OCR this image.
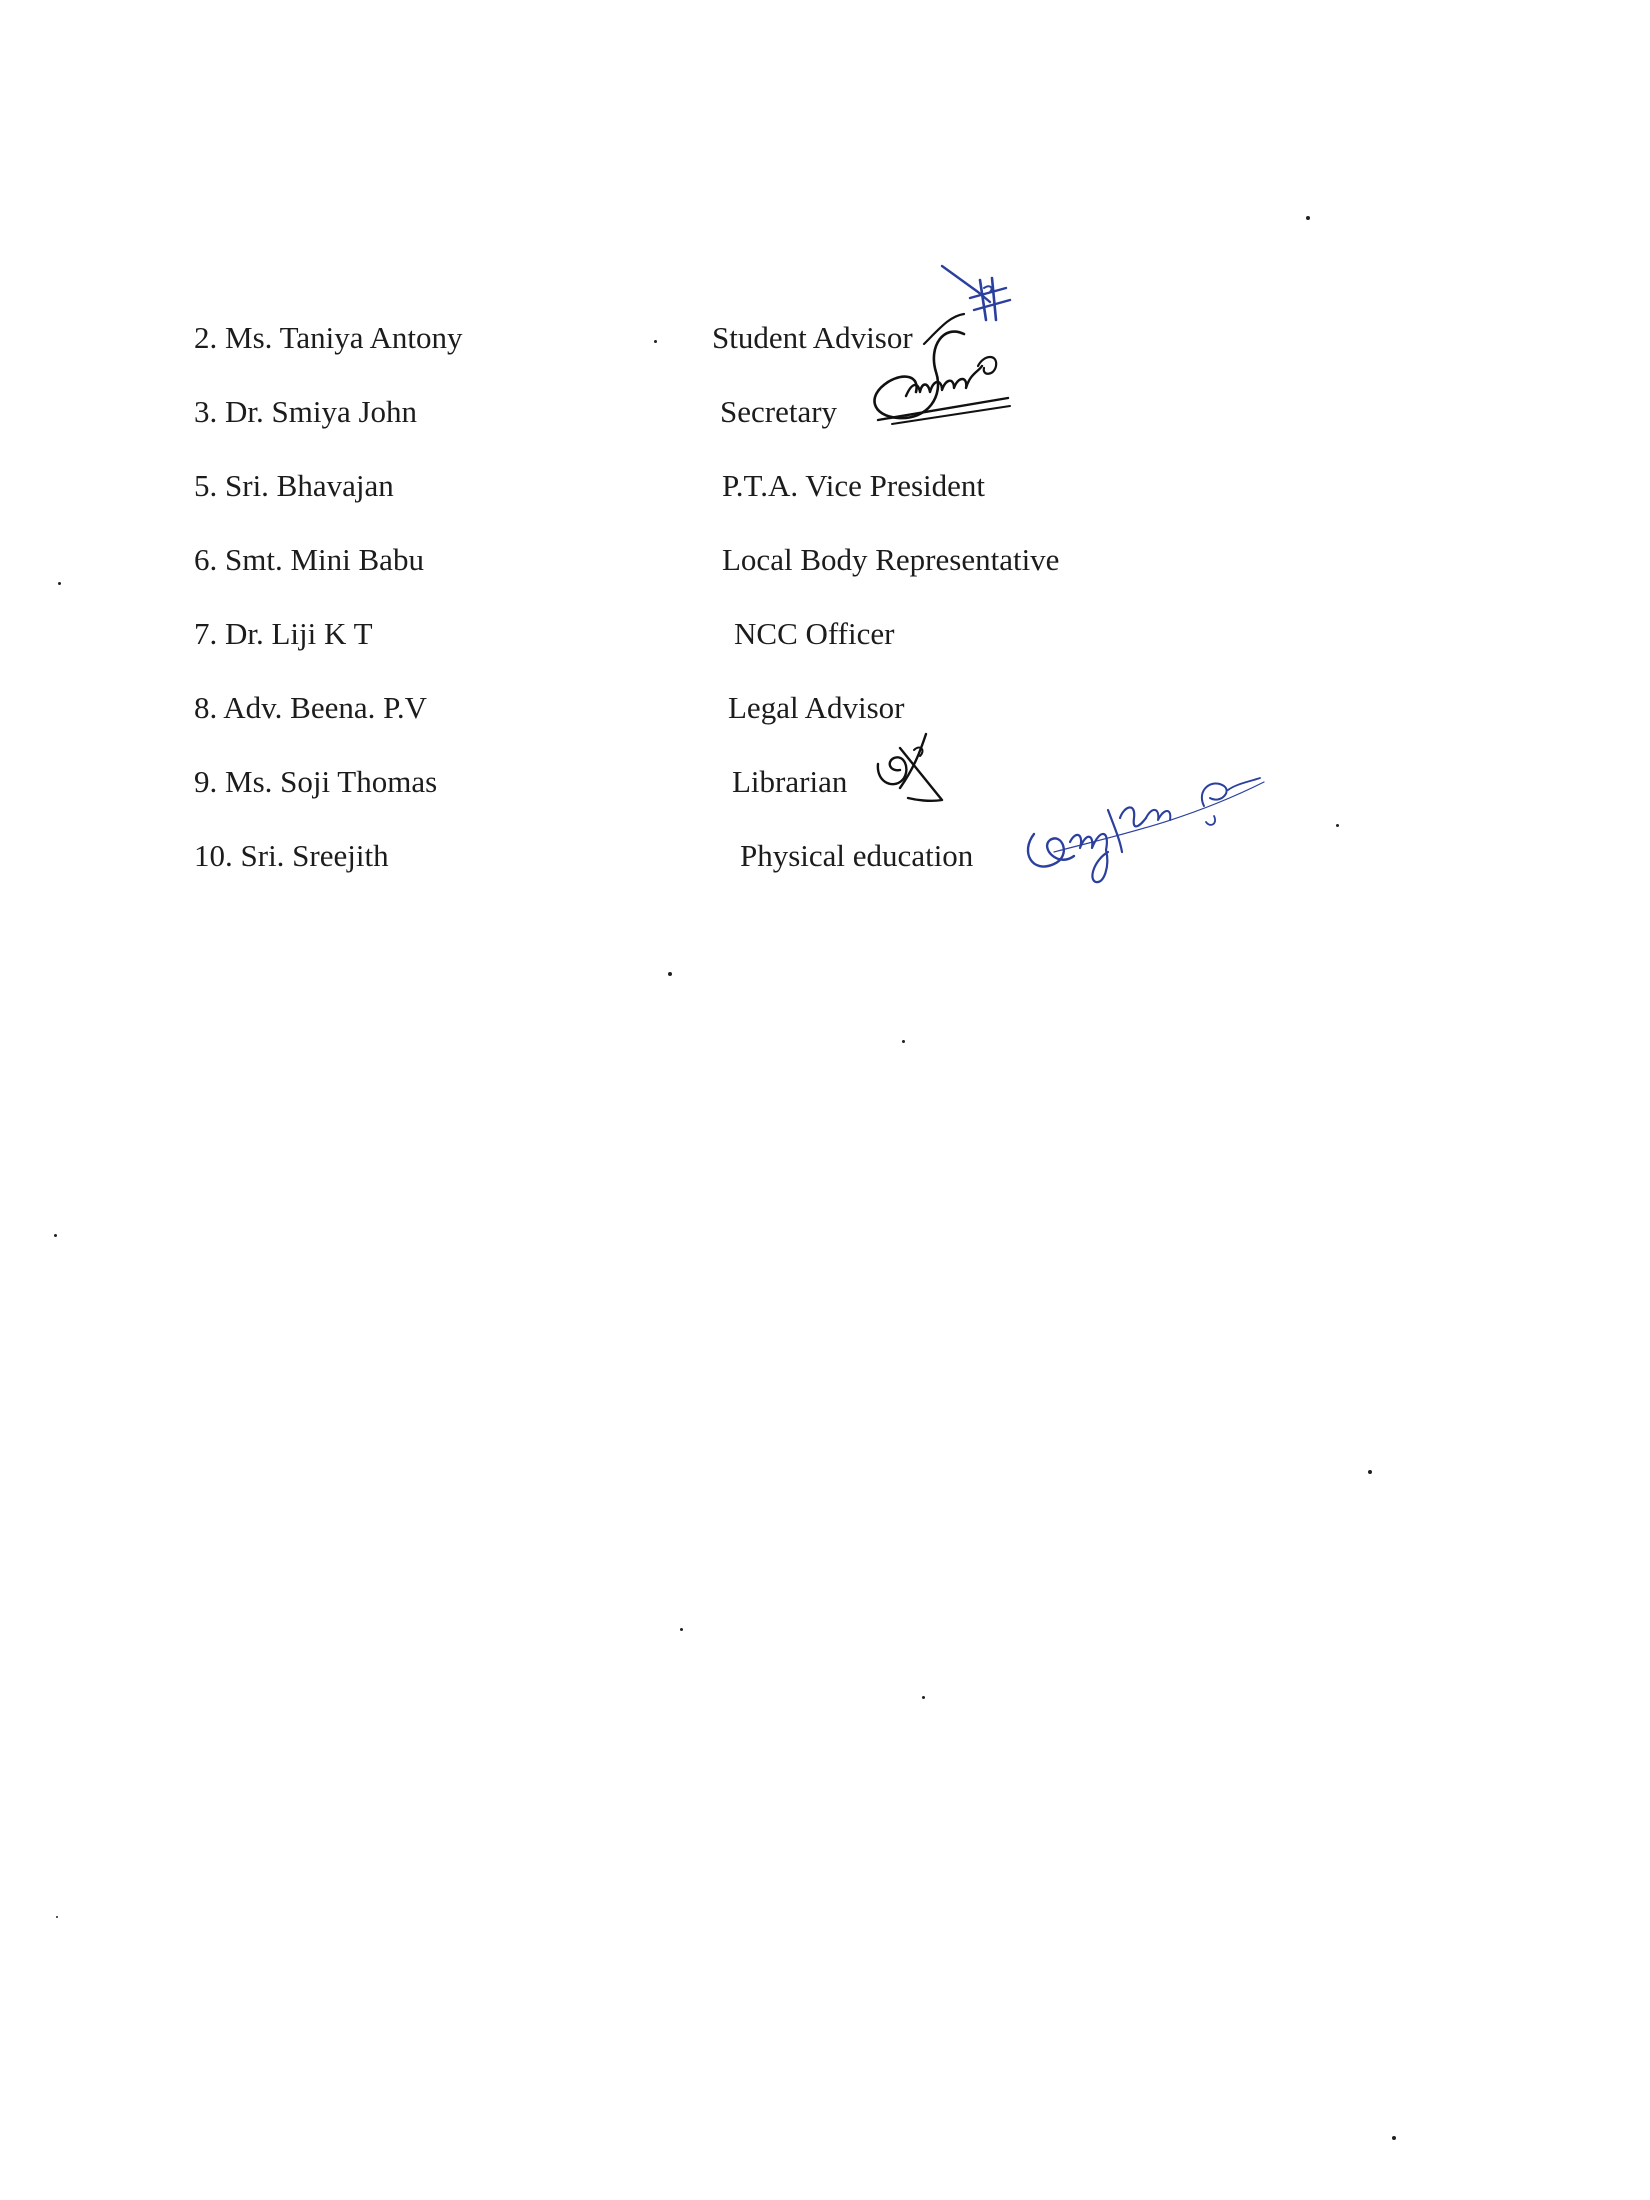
2. Ms. Taniya Antony	Student Advisor
3. Dr. Smiya John	Secretary
5. Sri. Bhavajan	P.T.A. Vice President
6. Smt. Mini Babu	Local Body Representative
7. Dr. Liji K T	NCC Officer
8. Adv. Beena. P.V	Legal Advisor
9. Ms. Soji Thomas	Librarian
10. Sri. Sreejith	Physical education
